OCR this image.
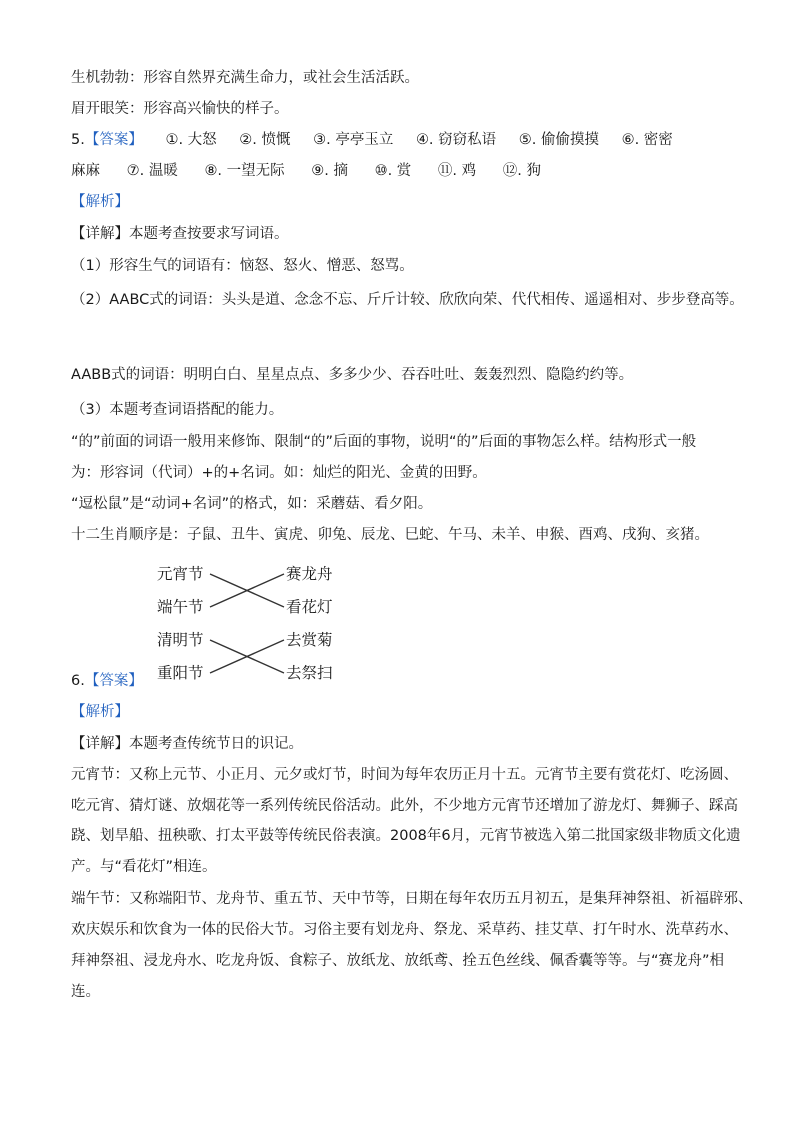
生机勃勃：形容自然界充满生命力，或社会生活活跃。
眉开眼笑：形容高兴愉快的样子。
5.【答案】 ①. 大怒 ②. 愤慨 ③. 亭亭玉立 ④. 窃窃私语 ⑤. 偷偷摸摸 ⑥. 密密
麻麻 ⑦. 温暖 ⑧. 一望无际 ⑨. 摘 ⑩. 赏 ⑪. 鸡 ⑫. 狗
【解析】
【详解】本题考查按要求写词语。
（1）形容生气的词语有：恼怒、怒火、憎恶、怒骂。
（2）AABC式的词语：头头是道、念念不忘、斤斤计较、欣欣向荣、代代相传、遥遥相对、步步登高等。
AABB式的词语：明明白白、星星点点、多多少少、吞吞吐吐、轰轰烈烈、隐隐约约等。
（3）本题考查词语搭配的能力。
“的”前面的词语一般用来修饰、限制“的”后面的事物，说明“的”后面的事物怎么样。结构形式一般
为：形容词（代词）+的+名词。如：灿烂的阳光、金黄的田野。
“逗松鼠”是“动词+名词”的格式，如：采蘑菇、看夕阳。
十二生肖顺序是：子鼠、丑牛、寅虎、卯兔、辰龙、巳蛇、午马、未羊、申猴、酉鸡、戌狗、亥猪。
元宵节
端午节
清明节
重阳节
赛龙舟
看花灯
去赏菊
去祭扫
6.【答案】
【解析】
【详解】本题考查传统节日的识记。
元宵节：又称上元节、小正月、元夕或灯节，时间为每年农历正月十五。元宵节主要有赏花灯、吃汤圆、
吃元宵、猜灯谜、放烟花等一系列传统民俗活动。此外，不少地方元宵节还增加了游龙灯、舞狮子、踩高
跷、划旱船、扭秧歌、打太平鼓等传统民俗表演。2008年6月，元宵节被选入第二批国家级非物质文化遗
产。与“看花灯”相连。
端午节：又称端阳节、龙舟节、重五节、天中节等，日期在每年农历五月初五，是集拜神祭祖、祈福辟邪、
欢庆娱乐和饮食为一体的民俗大节。习俗主要有划龙舟、祭龙、采草药、挂艾草、打午时水、洗草药水、
拜神祭祖、浸龙舟水、吃龙舟饭、食粽子、放纸龙、放纸鸢、拴五色丝线、佩香囊等等。与“赛龙舟”相
连。
